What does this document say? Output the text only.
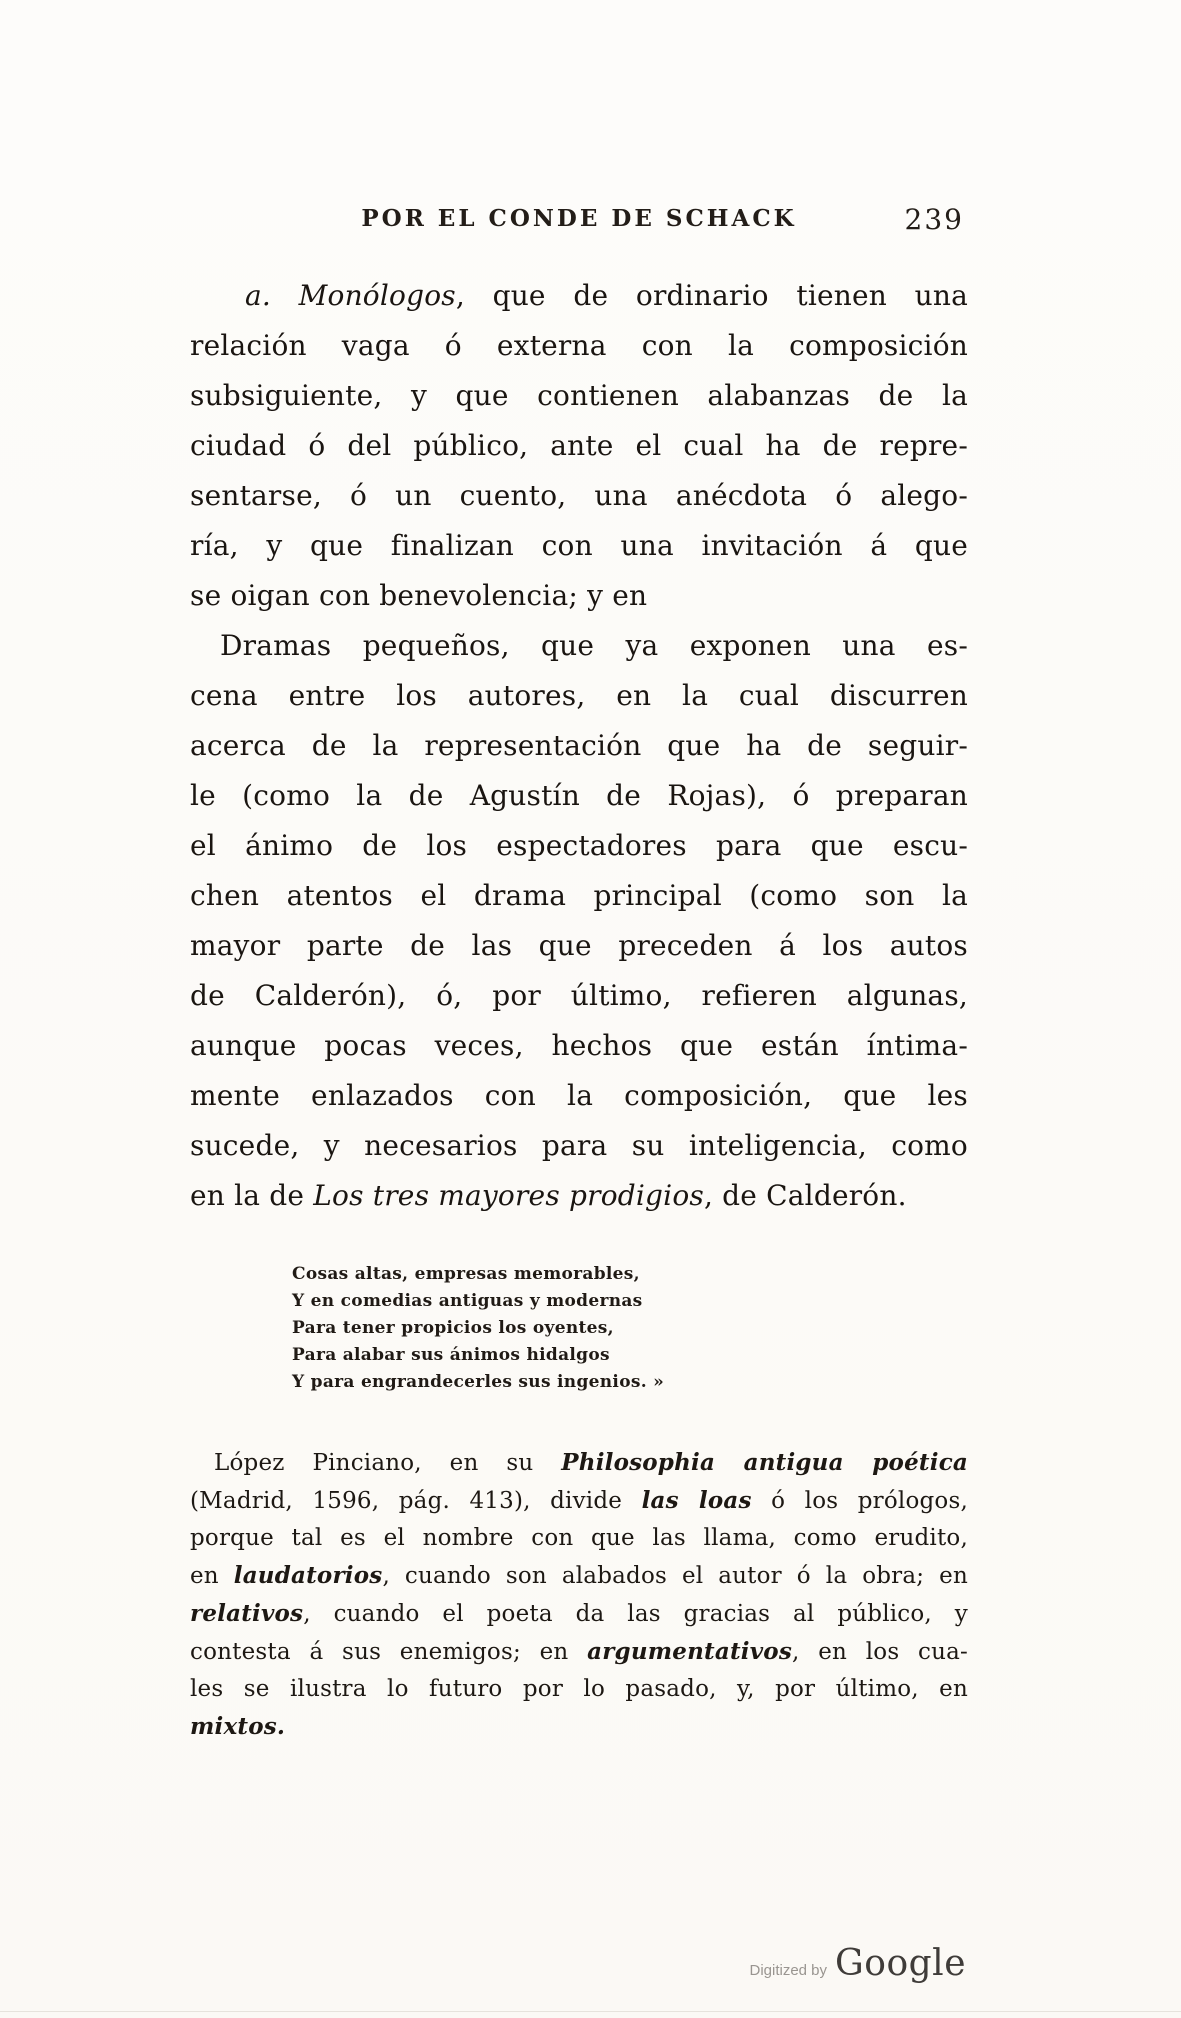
POR EL CONDE DE SCHACK	239
a. Monólogos, que de ordinario tienen una
relación vaga ó externa con la composición
subsiguiente, y que contienen alabanzas de la
ciudad ó del público, ante el cual ha de repre-
sentarse, ó un cuento, una anécdota ó alego-
ría, y que finalizan con una invitación á que
se oigan con benevolencia; y en
Dramas pequeños, que ya exponen una es-
cena entre los autores, en la cual discurren
acerca de la representación que ha de seguir-
le (como la de Agustín de Rojas), ó preparan
el ánimo de los espectadores para que escu-
chen atentos el drama principal (como son la
mayor parte de las que preceden á los autos
de Calderón), ó, por último, refieren algunas,
aunque pocas veces, hechos que están íntima-
mente enlazados con la composición, que les
sucede, y necesarios para su inteligencia, como
en la de Los tres mayores prodigios, de Calderón.
Cosas altas, empresas memorables,
Y en comedias antiguas y modernas
Para tener propicios los oyentes,
Para alabar sus ánimos hidalgos
Y para engrandecerles sus ingenios. »
López Pinciano, en su Philosophia antigua poética
(Madrid, 1596, pág. 413), divide las loas ó los prólogos,
porque tal es el nombre con que las llama, como erudito,
en laudatorios, cuando son alabados el autor ó la obra; en
relativos, cuando el poeta da las gracias al público, y
contesta á sus enemigos; en argumentativos, en los cua-
les se ilustra lo futuro por lo pasado, y, por último, en
mixtos.
Digitized by Google
